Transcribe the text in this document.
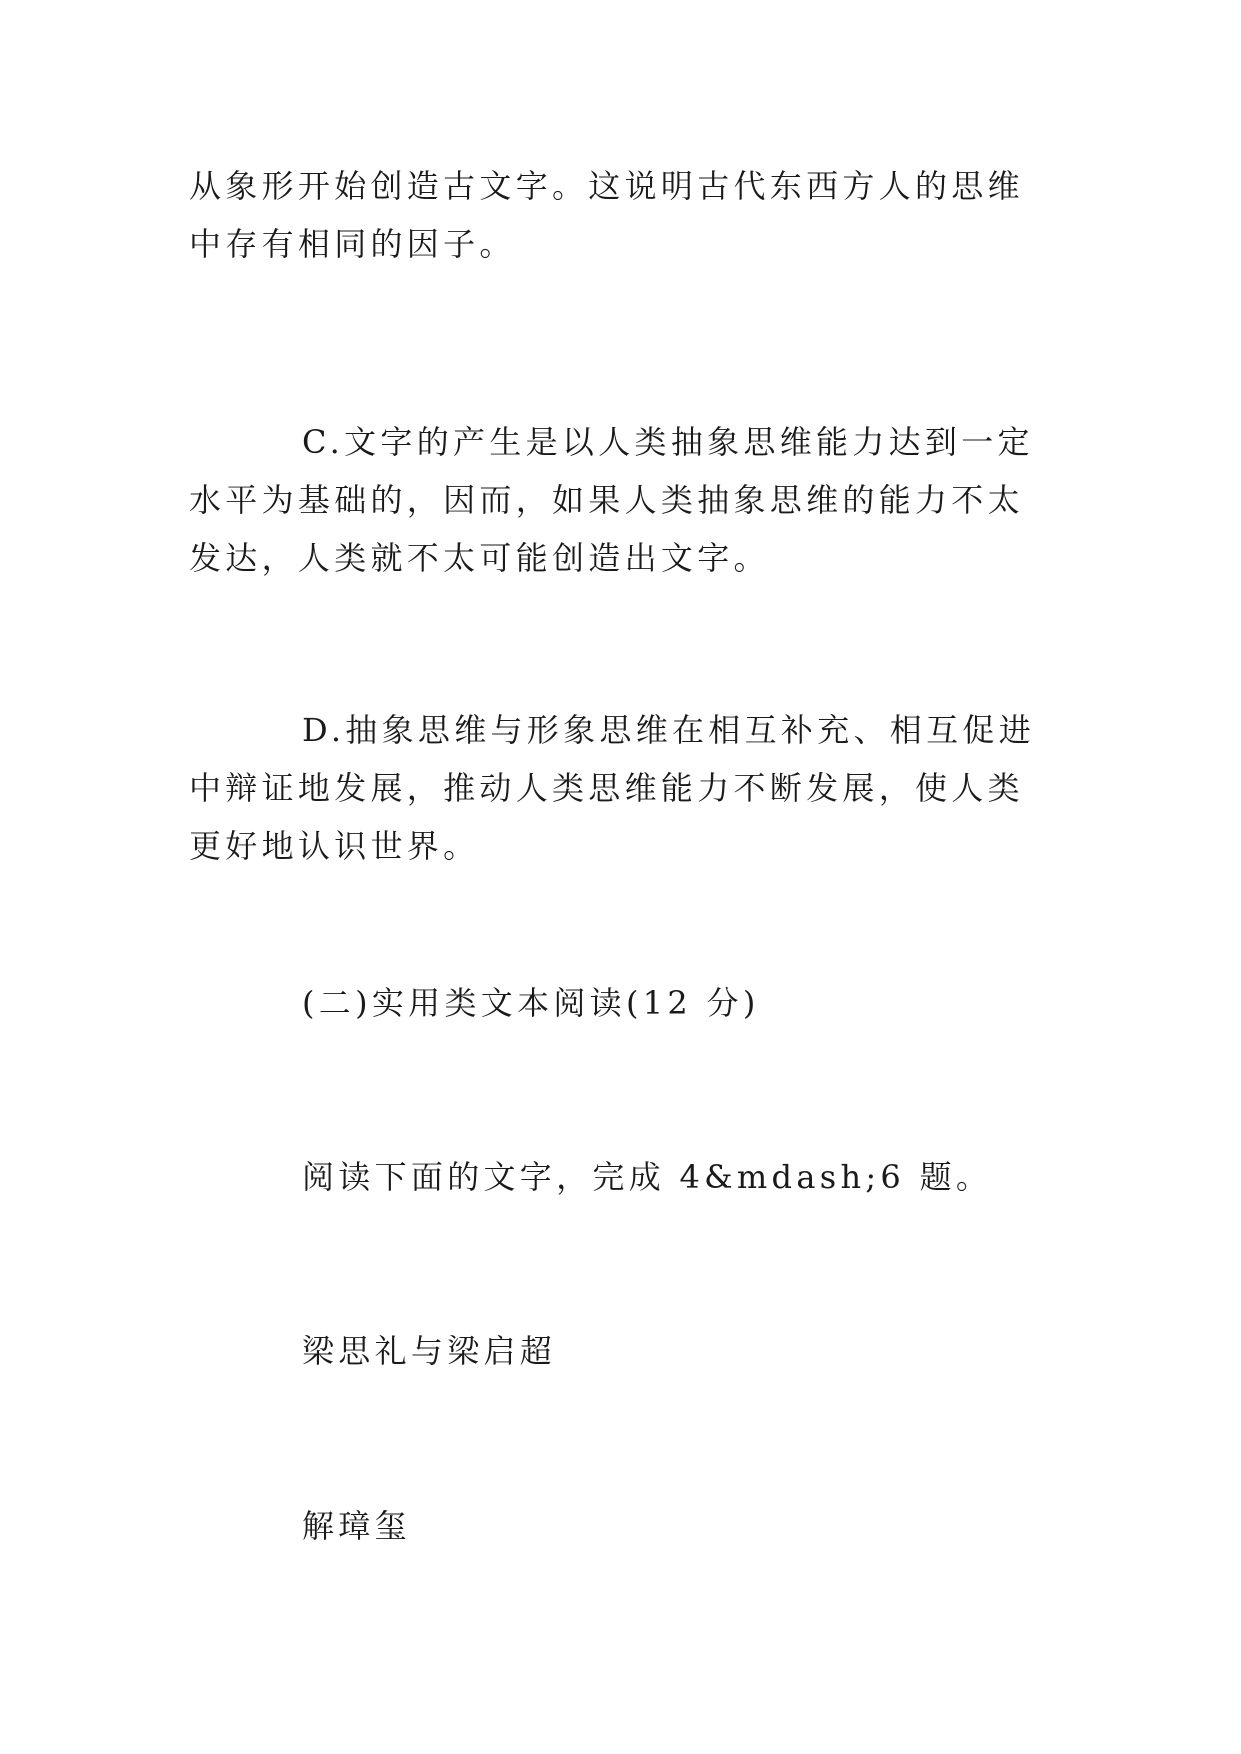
从象形开始创造古文字。这说明古代东西方人的思维中存有相同的因子。

C.文字的产生是以人类抽象思维能力达到一定水平为基础的，因而，如果人类抽象思维的能力不太发达，人类就不太可能创造出文字。

D.抽象思维与形象思维在相互补充、相互促进中辩证地发展，推动人类思维能力不断发展，使人类更好地认识世界。

(二)实用类文本阅读(12 分)

阅读下面的文字，完成 4&mdash;6 题。

梁思礼与梁启超

解璋玺
